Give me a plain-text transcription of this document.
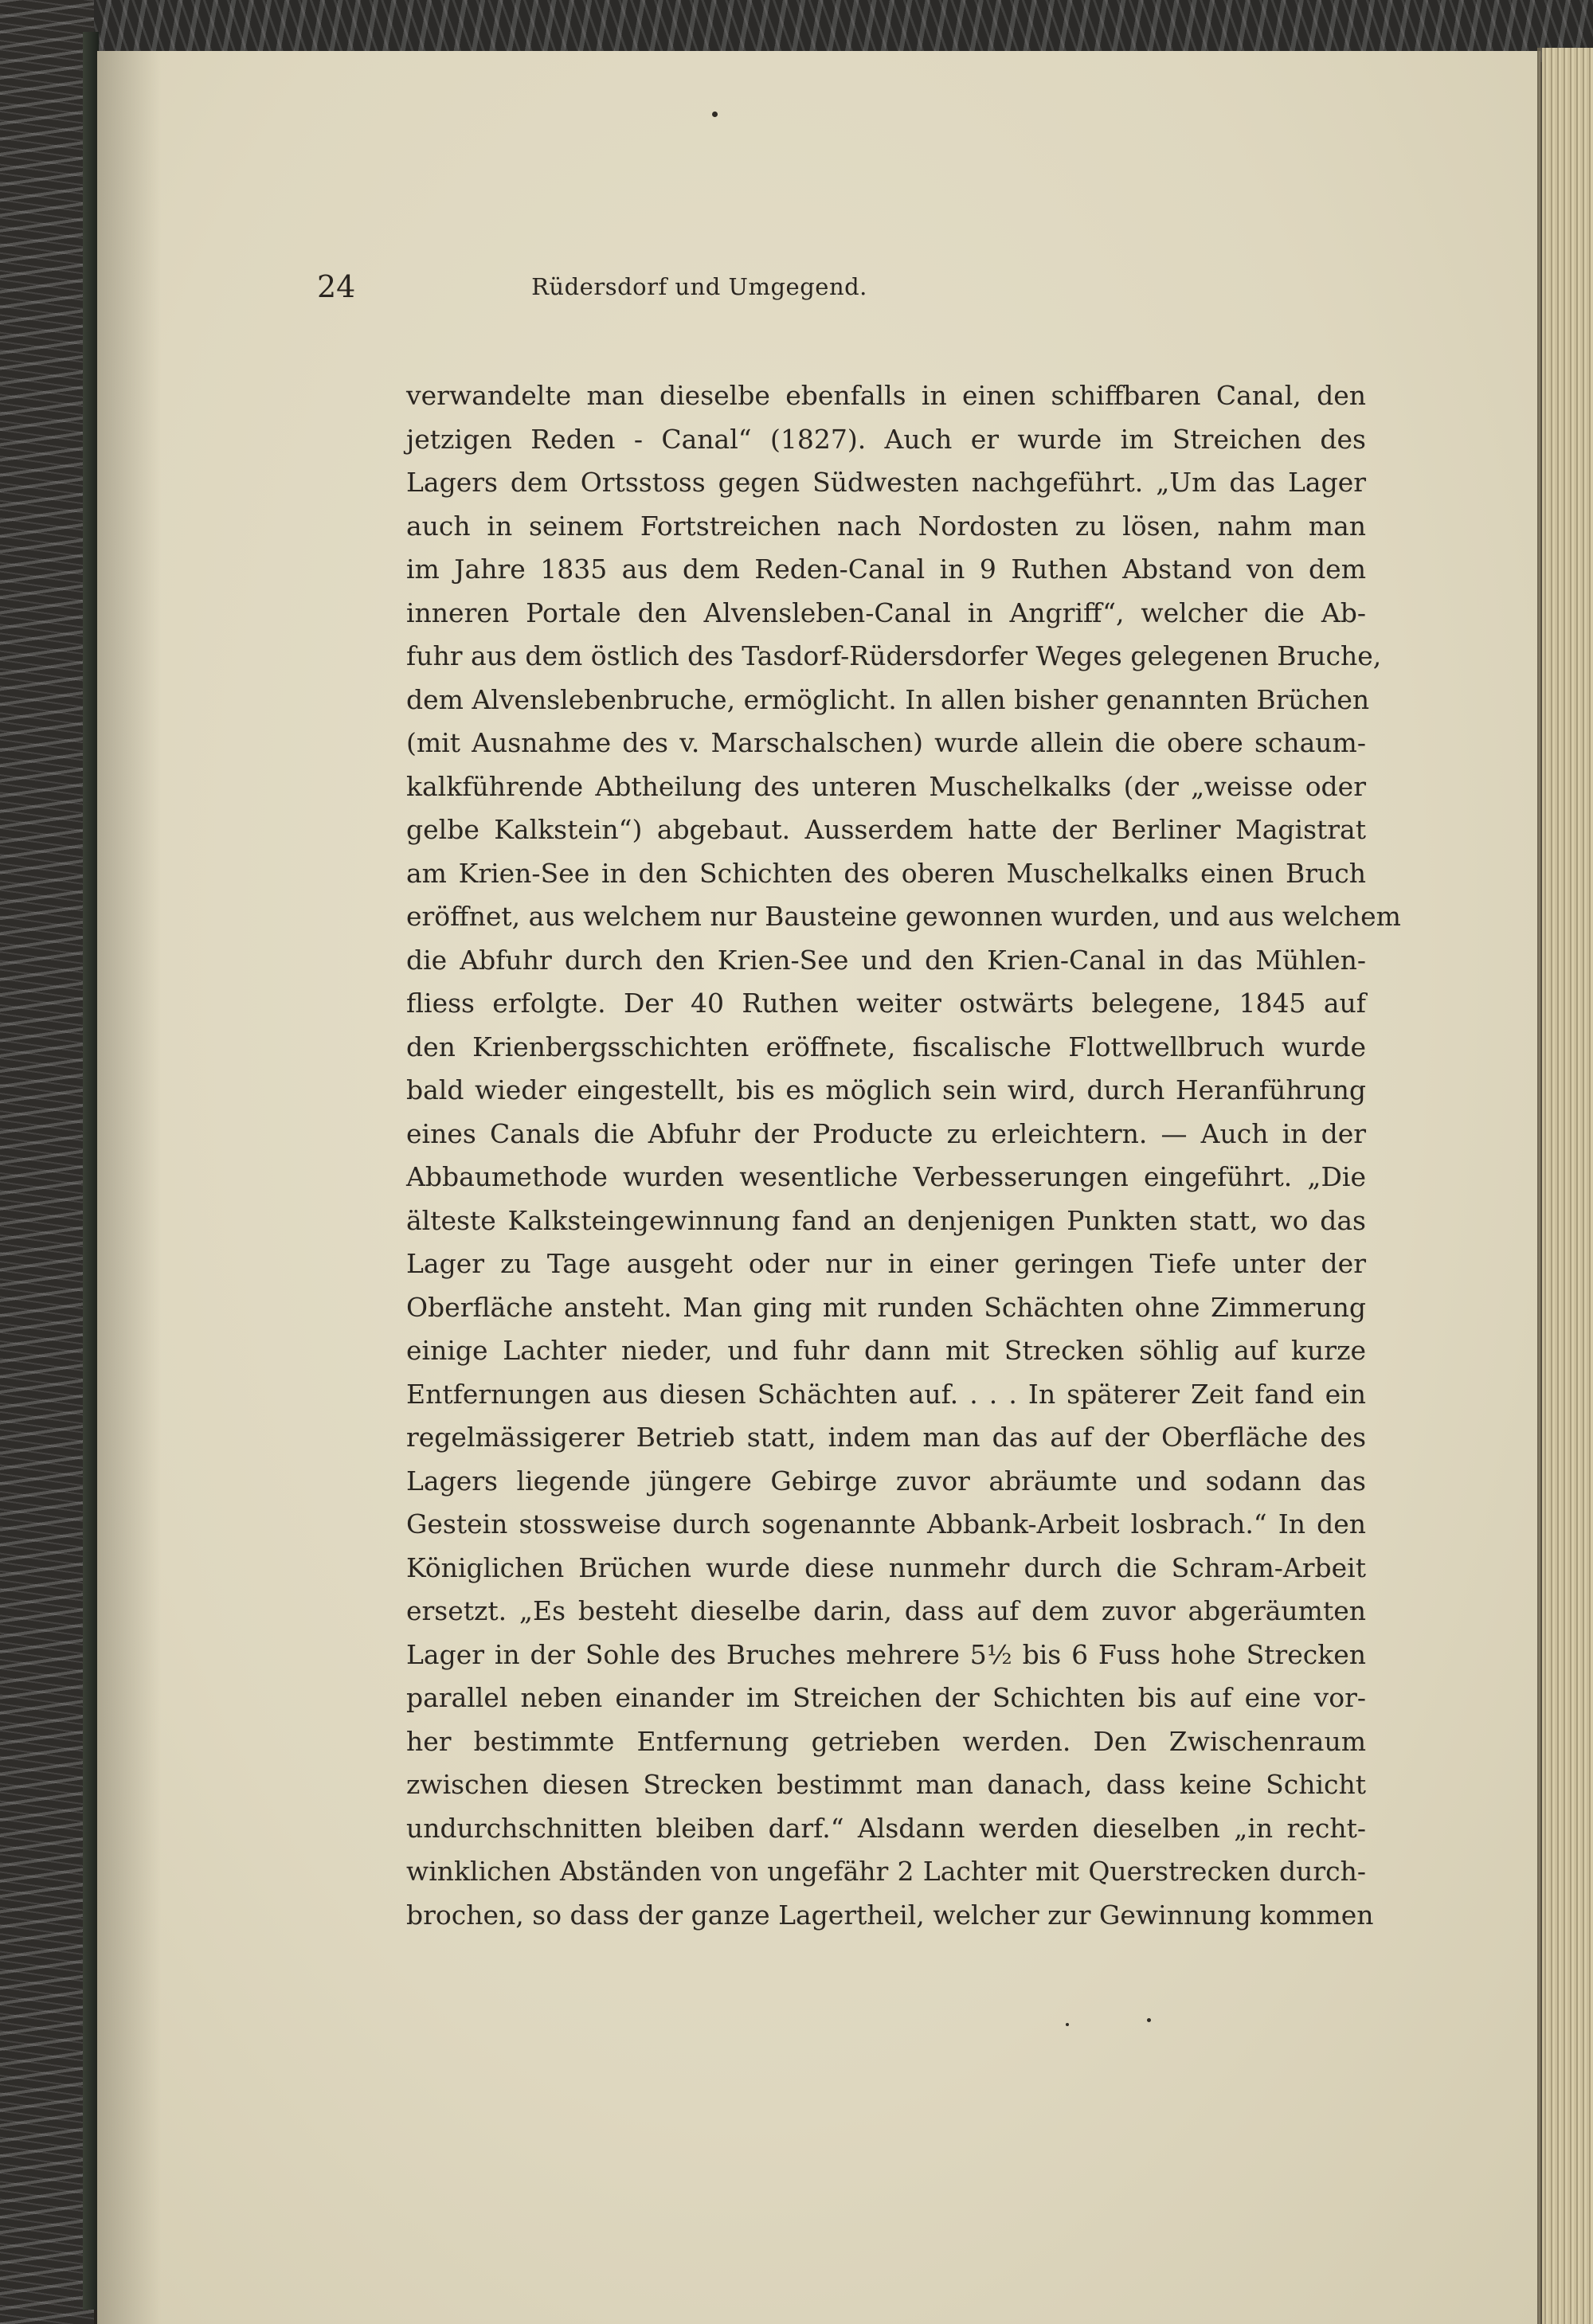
24	Rüdersdorf und Umgegend.
verwandelte man dieselbe ebenfalls in einen schiffbaren Canal, den
jetzigen Reden - Canal“ (1827). Auch er wurde im Streichen des
Lagers dem Ortsstoss gegen Südwesten nachgeführt. „Um das Lager
auch in seinem Fortstreichen nach Nordosten zu lösen, nahm man
im Jahre 1835 aus dem Reden-Canal in 9 Ruthen Abstand von dem
inneren Portale den Alvensleben-Canal in Angriff“, welcher die Ab-
fuhr aus dem östlich des Tasdorf-Rüdersdorfer Weges gelegenen Bruche,
dem Alvenslebenbruche, ermöglicht. In allen bisher genannten Brüchen
(mit Ausnahme des v. Marschalschen) wurde allein die obere schaum-
kalkführende Abtheilung des unteren Muschelkalks (der „weisse oder
gelbe Kalkstein“) abgebaut. Ausserdem hatte der Berliner Magistrat
am Krien-See in den Schichten des oberen Muschelkalks einen Bruch
eröffnet, aus welchem nur Bausteine gewonnen wurden, und aus welchem
die Abfuhr durch den Krien-See und den Krien-Canal in das Mühlen-
fliess erfolgte. Der 40 Ruthen weiter ostwärts belegene, 1845 auf
den Krienbergsschichten eröffnete, fiscalische Flottwellbruch wurde
bald wieder eingestellt, bis es möglich sein wird, durch Heranführung
eines Canals die Abfuhr der Producte zu erleichtern. — Auch in der
Abbaumethode wurden wesentliche Verbesserungen eingeführt. „Die
älteste Kalksteingewinnung fand an denjenigen Punkten statt, wo das
Lager zu Tage ausgeht oder nur in einer geringen Tiefe unter der
Oberfläche ansteht. Man ging mit runden Schächten ohne Zimmerung
einige Lachter nieder, und fuhr dann mit Strecken söhlig auf kurze
Entfernungen aus diesen Schächten auf. . . . In späterer Zeit fand ein
regelmässigerer Betrieb statt, indem man das auf der Oberfläche des
Lagers liegende jüngere Gebirge zuvor abräumte und sodann das
Gestein stossweise durch sogenannte Abbank-Arbeit losbrach.“ In den
Königlichen Brüchen wurde diese nunmehr durch die Schram-Arbeit
ersetzt. „Es besteht dieselbe darin, dass auf dem zuvor abgeräumten
Lager in der Sohle des Bruches mehrere 5½ bis 6 Fuss hohe Strecken
parallel neben einander im Streichen der Schichten bis auf eine vor-
her bestimmte Entfernung getrieben werden. Den Zwischenraum
zwischen diesen Strecken bestimmt man danach, dass keine Schicht
undurchschnitten bleiben darf.“ Alsdann werden dieselben „in recht-
winklichen Abständen von ungefähr 2 Lachter mit Querstrecken durch-
brochen, so dass der ganze Lagertheil, welcher zur Gewinnung kommen
